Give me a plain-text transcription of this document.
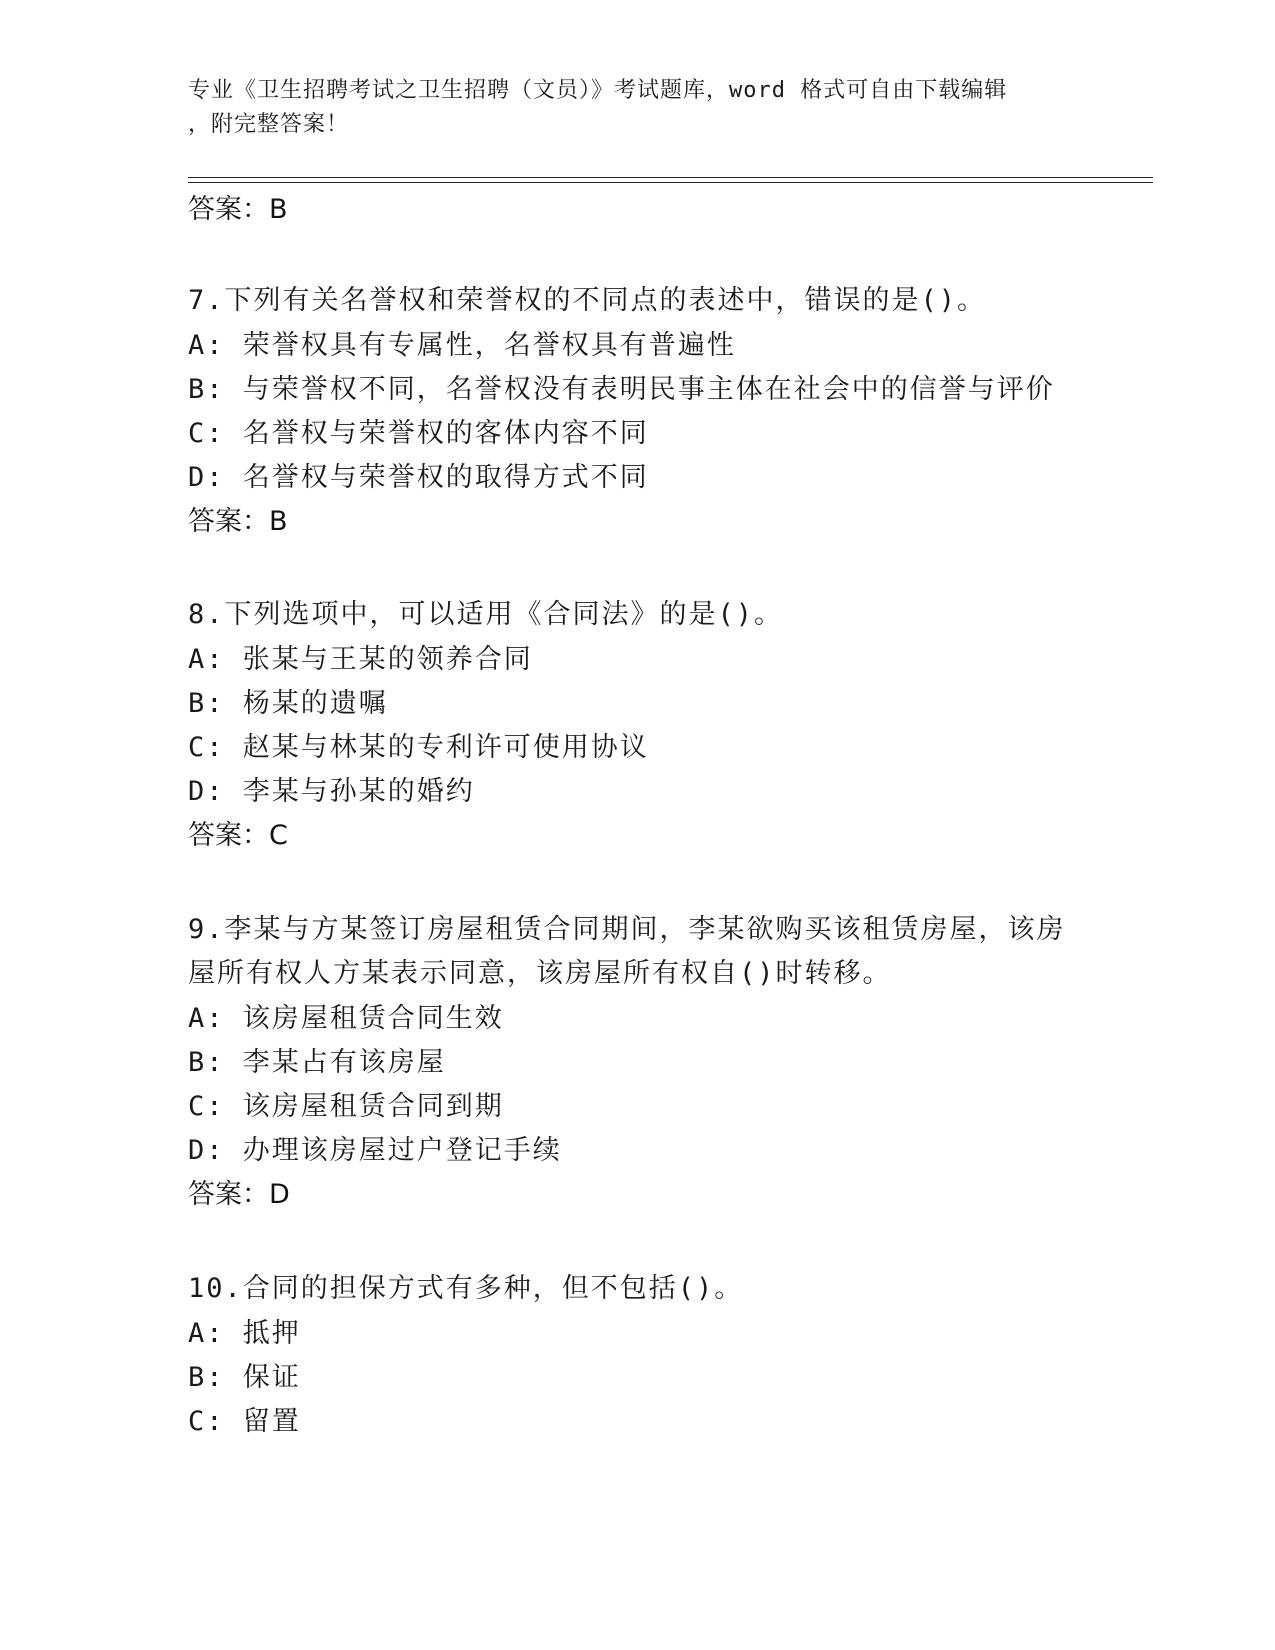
专业《卫生招聘考试之卫生招聘（文员）》考试题库，word 格式可自由下载编辑
，附完整答案！
答案：B
7.下列有关名誉权和荣誉权的不同点的表述中，错误的是()。
A: 荣誉权具有专属性，名誉权具有普遍性
B: 与荣誉权不同，名誉权没有表明民事主体在社会中的信誉与评价
C: 名誉权与荣誉权的客体内容不同
D: 名誉权与荣誉权的取得方式不同
答案：B
8.下列选项中，可以适用《合同法》的是()。
A: 张某与王某的领养合同
B: 杨某的遗嘱
C: 赵某与林某的专利许可使用协议
D: 李某与孙某的婚约
答案：C
9.李某与方某签订房屋租赁合同期间，李某欲购买该租赁房屋，该房
屋所有权人方某表示同意，该房屋所有权自()时转移。
A: 该房屋租赁合同生效
B: 李某占有该房屋
C: 该房屋租赁合同到期
D: 办理该房屋过户登记手续
答案：D
10.合同的担保方式有多种，但不包括()。
A: 抵押
B: 保证
C: 留置
